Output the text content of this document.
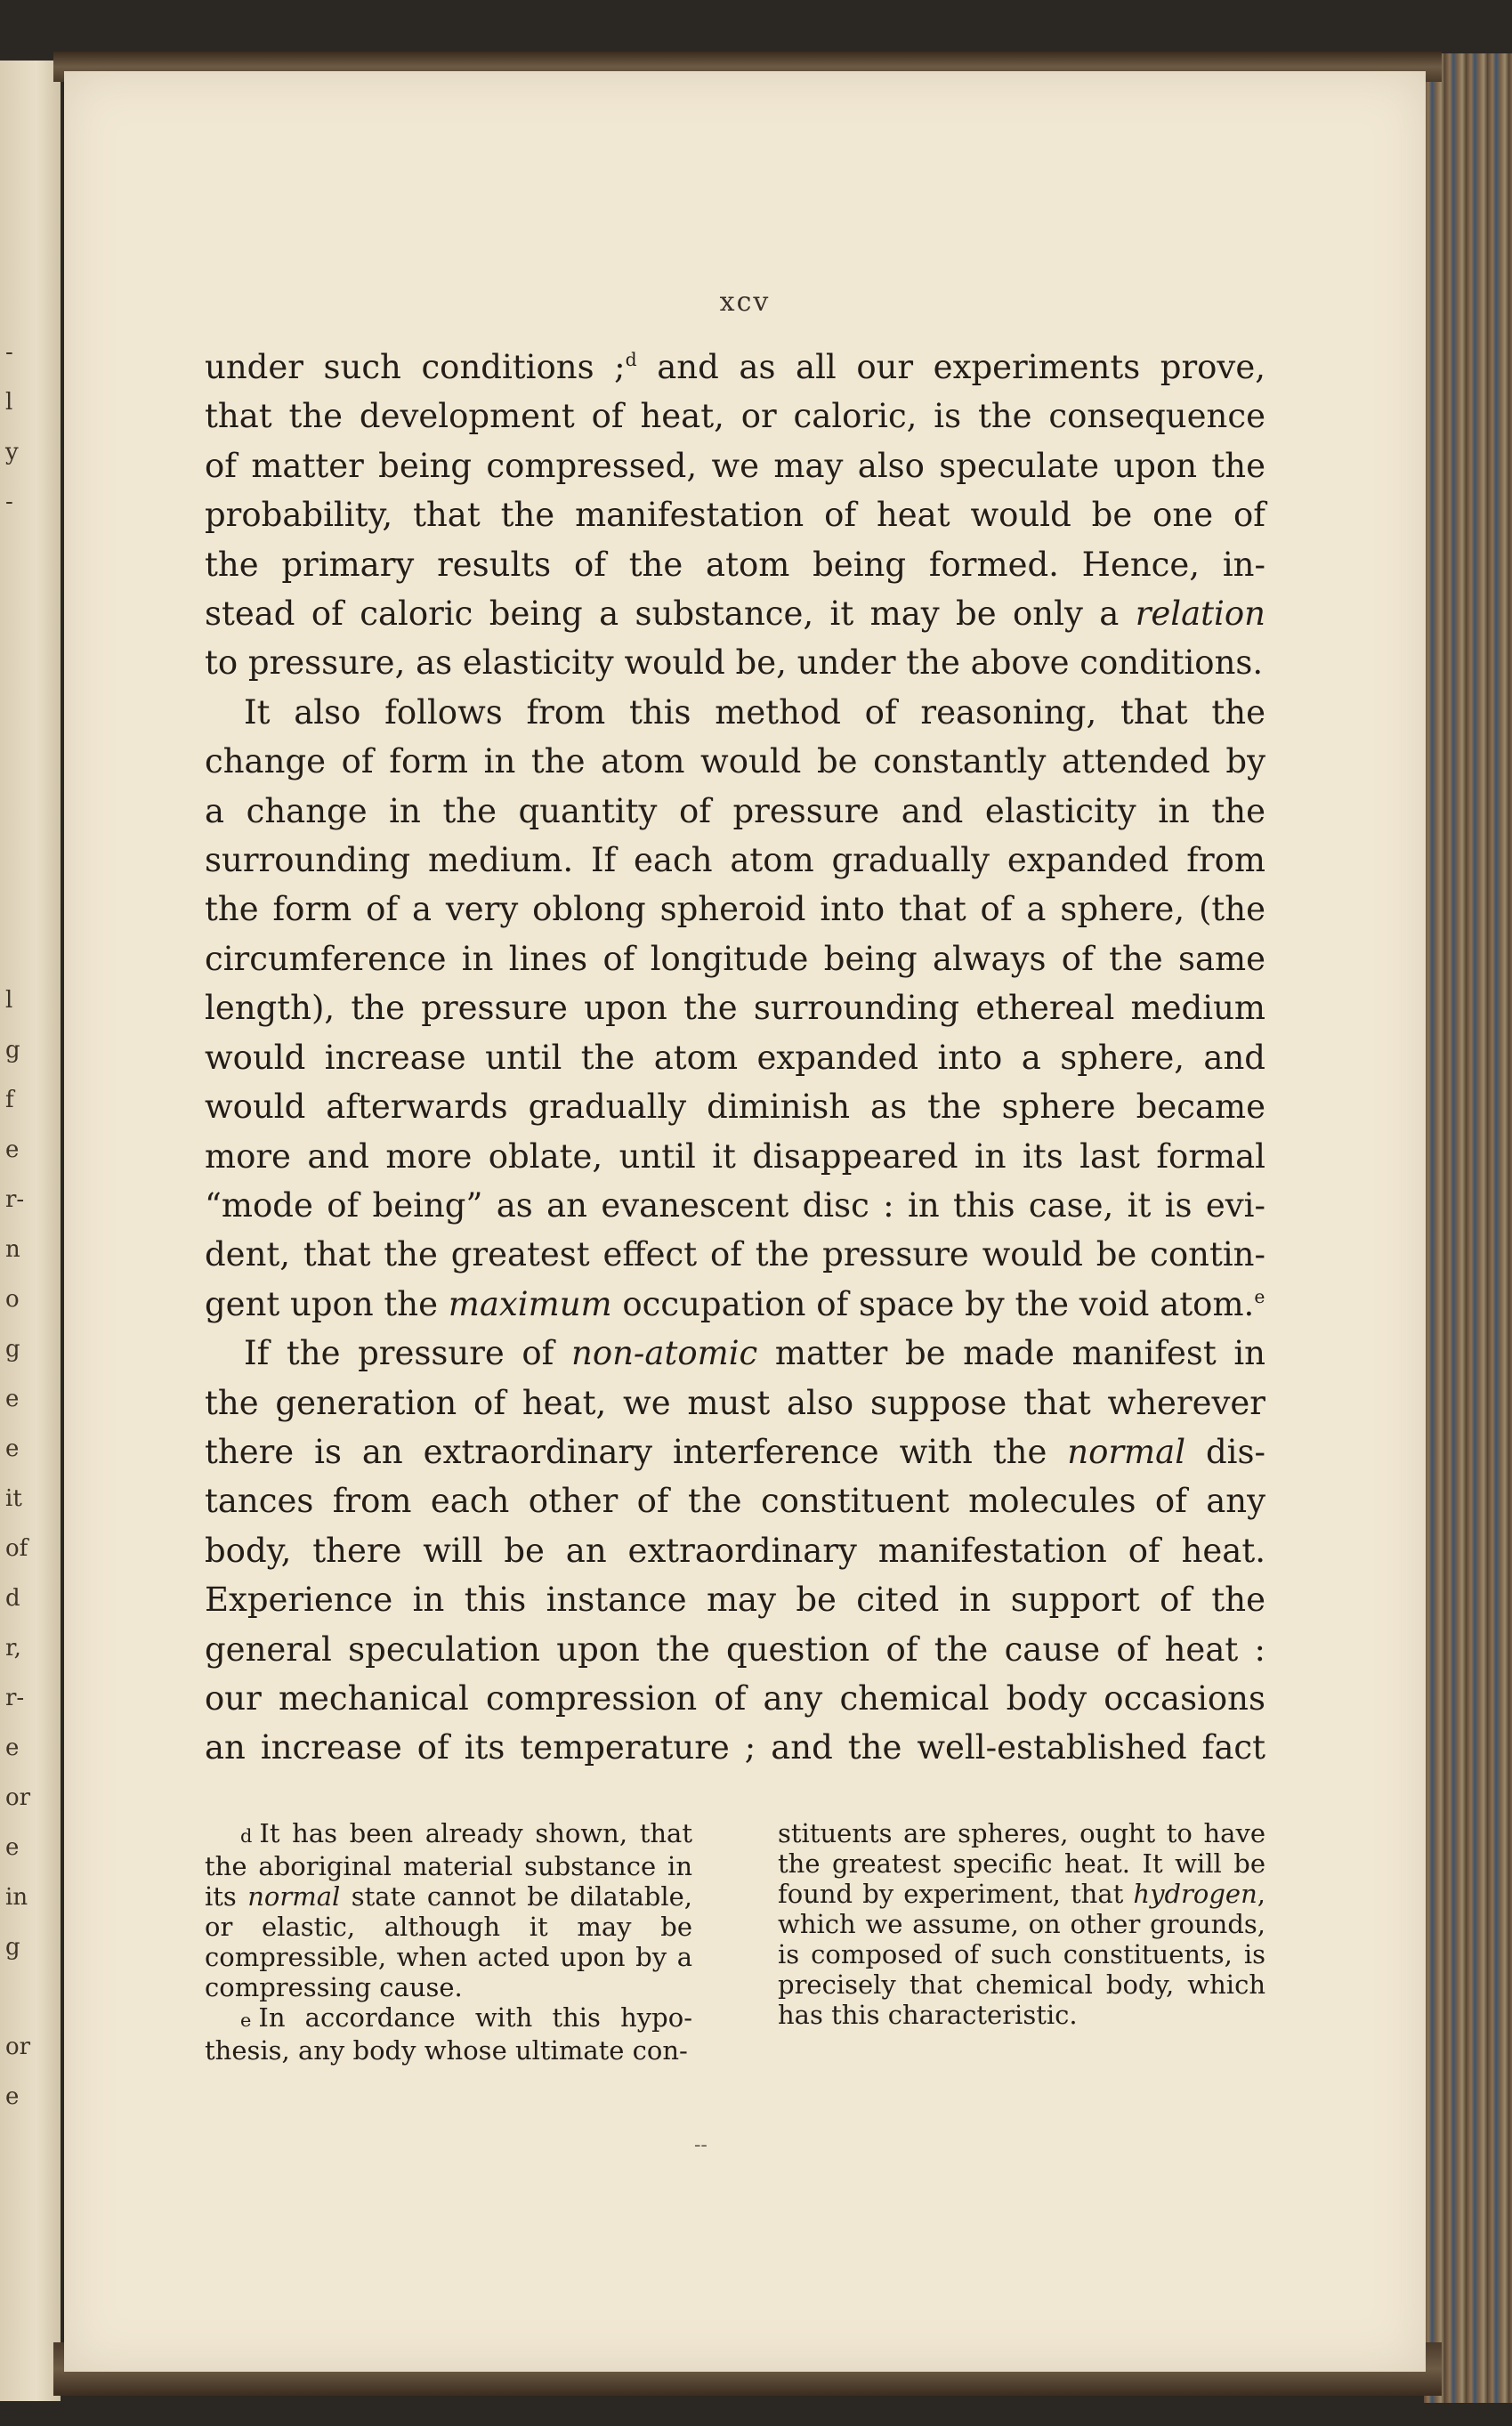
-
l
y
-

l
g
f
e
r-
n
o
g
e
e
it
of
d
r,
r-
e
or
e
in
g

or
e
xcv

under such conditions ;$^d$ and as all our experiments prove,
that the development of heat, or caloric, is the consequence
of matter being compressed, we may also speculate upon the
probability, that the manifestation of heat would be one of
the primary results of the atom being formed. Hence, in-
stead of caloric being a substance, it may be only a relation
to pressure, as elasticity would be, under the above conditions.

It also follows from this method of reasoning, that the
change of form in the atom would be constantly attended by
a change in the quantity of pressure and elasticity in the
surrounding medium. If each atom gradually expanded from
the form of a very oblong spheroid into that of a sphere, (the
circumference in lines of longitude being always of the same
length), the pressure upon the surrounding ethereal medium
would increase until the atom expanded into a sphere, and
would afterwards gradually diminish as the sphere became
more and more oblate, until it disappeared in its last formal
“mode of being” as an evanescent disc : in this case, it is evi-
dent, that the greatest effect of the pressure would be contin-
gent upon the maximum occupation of space by the void atom.$^e$

If the pressure of non-atomic matter be made manifest in
the generation of heat, we must also suppose that wherever
there is an extraordinary interference with the normal dis-
tances from each other of the constituent molecules of any
body, there will be an extraordinary manifestation of heat.
Experience in this instance may be cited in support of the
general speculation upon the question of the cause of heat :
our mechanical compression of any chemical body occasions
an increase of its temperature ; and the well-established fact

d It has been already shown, that the aboriginal material substance in its normal state cannot be dilatable, or elastic, although it may be compressible, when acted upon by a compressing cause.

e In accordance with this hypo- thesis, any body whose ultimate con-

stituents are spheres, ought to have the greatest specific heat. It will be found by experiment, that hydrogen, which we assume, on other grounds, is composed of such constituents, is precisely that chemical body, which has this characteristic.

--
